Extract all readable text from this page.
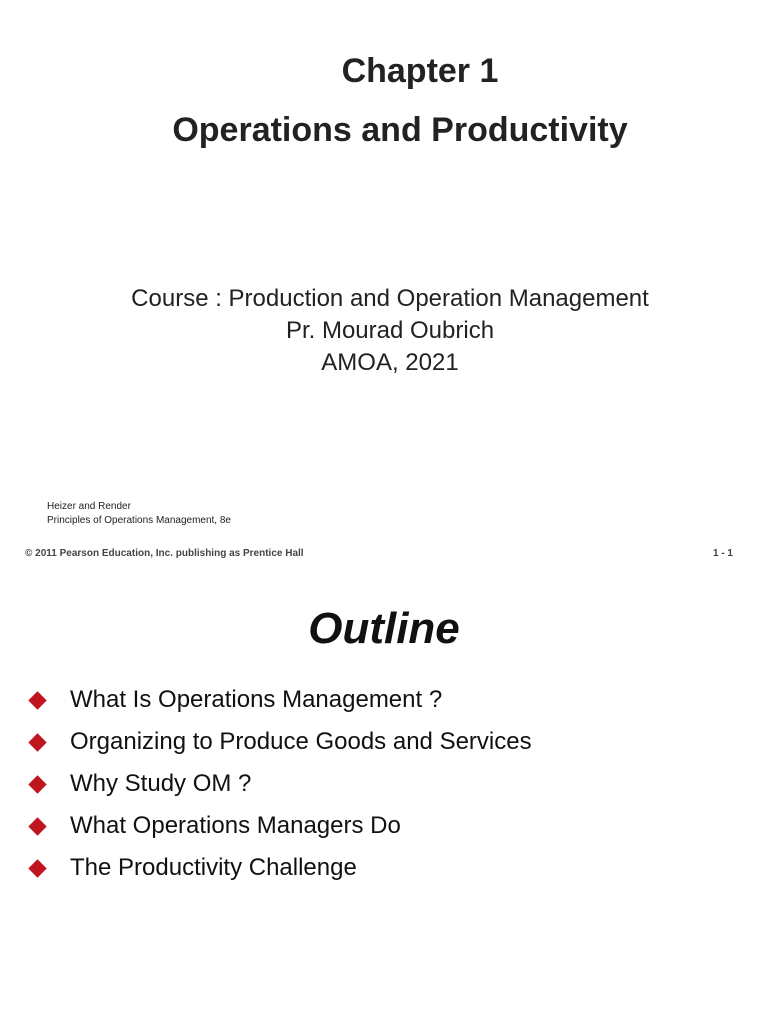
Chapter 1
Operations and Productivity
Course : Production and Operation Management
Pr. Mourad Oubrich
AMOA, 2021
Heizer and Render
Principles of Operations Management, 8e
© 2011 Pearson Education, Inc. publishing as Prentice Hall	1 - 1
Outline
What Is Operations Management ?
Organizing to Produce Goods and Services
Why Study OM ?
What Operations Managers Do
The Productivity Challenge
